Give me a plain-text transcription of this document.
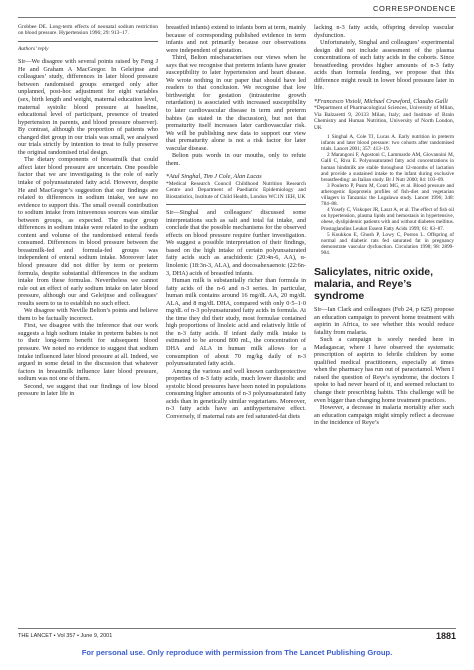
CORRESPONDENCE

Grobbee DE. Long-term effects of neonatal sodium restriction on blood pressure. Hypertension 1996; 29: 913–17.

Authors’ reply

Sir—We disagree with several points raised by Feng J He and Graham A MacGregor. In Geleijnse and colleagues’ study, differences in later blood pressure between randomised groups emerged only after unplanned, post-hoc adjustment for eight variables (sex, birth length and weight, maternal education level, maternal systolic blood pressure at baseline, educational level of participant, presence of treated hypertension in parents, and blood pressure observer). By contrast, although the proportion of patients who changed diet group in our trials was small, we analysed our trials strictly by intention to treat to fully preserve the original randomised trial design.

The dietary components of breastmilk that could affect later blood pressure are uncertain. One possible factor that we are investigating is the role of early intake of polyunsaturated fatty acid. However, despite He and MacGregor’s suggestion that our findings are related to differences in sodium intake, we saw no evidence to support this. The small overall contribution to sodium intake from intravenous sources was similar between groups, as expected. The major group differences in sodium intake were related to the sodium content and volume of the randomised enteral feeds consumed. Differences in blood pressure between the breastmilk-fed and formula-fed groups was independent of enteral sodium intake. Moreover later blood pressure did not differ by term or preterm formula, despite substantial differences in the sodium intake from these formulas. Nevertheless we cannot rule out an effect of early sodium intake on later blood pressure, although our and Geleijnse and colleagues’ results seem to us to establish no such effect.

We disagree with Neville Belton’s points and believe them to be factually incorrect.

First, we disagree with the inference that our work suggests a high sodium intake in preterm babies is not to their long-term benefit for subsequent blood pressure. We noted no evidence to suggest that sodium intake influenced later blood pressure at all. Indeed, we argued in some detail in the discussion that whatever factors in breastmilk influence later blood pressure, sodium was not one of them.

Second, we suggest that our findings of low blood pressure in later life in

breastfed infants) extend to infants born at term, mainly because of corresponding published evidence in term infants and not primarily because our observations were independent of gestation.

Third, Belton mischaracterises our views when he says that we recognise that preterm infants have greater susceptibility to later hypertension and heart disease. We wrote nothing in our paper that should have led readers to that conclusion. We recognise that low birthweight for gestation (intrauterine growth retardation) is associated with increased susceptibility to later cardiovascular disease in term and preterm babies (as stated in the discussion), but not that prematurity itself increases later cardiovascular risk. We will be publishing new data to support our view that prematurity alone is not a risk factor for later vascular disease.

Belton puts words in our mouths, only to refute them.

*Atul Singhal, Tim J Cole, Alan Lucas

*Medical Research Council Childhood Nutrition Research Centre and Department of Paediatric Epidemiology and Biostatistics, Institute of Child Health, London WC1N 1EH, UK

Sir—Singhal and colleagues’ discussed some interpretations such as salt and total fat intake, and conclude that the possible mechanisms for the observed effects on blood pressure require further investigation. We suggest a possible interpretation of their findings, based on the high intake of certain polyunsaturated fatty acids such as arachidonic (20:4n-6, AA), α-linolenic (18:3n-3, ALA), and docosahexaenoic (22:6n-3, DHA) acids of breastfed infants.

Human milk is substantially richer than formula in fatty acids of the n-6 and n-3 series. In particular, human milk contains around 16 mg/dL AA, 20 mg/dL ALA, and 8 mg/dL DHA, compared with only 0·5–1·0 mg/dL of n-3 polyunsaturated fatty acids in formula. At the time they did their study, most formulae contained high proportions of linoleic acid and relatively little of the n-3 fatty acids. If infant daily milk intake is estimated to be around 800 mL, the concentration of DHA and ALA in human milk allows for a consumption of about 70 mg/kg daily of n-3 polyunsaturated fatty acids.

Among the various and well known cardioprotective properties of n-3 fatty acids, much lower diastolic and systolic blood pressures have been noted in populations consuming higher amounts of n-3 polyunsaturated fatty acids than in genetically similar vegetarians. Moreover, n-3 fatty acids have an antihypertensive effect. Conversely, if maternal rats are fed saturated-fat diets

lacking n-3 fatty acids, offspring develop vascular dysfunction.

Unfortunately, Singhal and colleagues’ experimental design did not include assessment of the plasma concentrations of such fatty acids in the cohorts. Since breastfeeding provides higher amounts of n-3 fatty acids than formula feeding, we propose that this difference might result in lower blood pressure later in life.

*Francesco Visioli, Michael Crawford, Claudio Galli

*Department of Pharmacological Sciences, University of Milan, Via Balzaretti 9, 20133 Milan, Italy; and Institute of Brain Chemistry and Human Nutrition, University of North London, UK

1 Singhal A, Cole TJ, Lucas A. Early nutrition in preterm infants and later blood pressure: two cohorts after randomised trials. Lancet 2001; 357: 413–19.

2 Marangoni F, Agostoni C, Lammardo AM, Giovannini M, Galli C, Riva E. Polyunsaturated fatty acid concentrations in human hindmilk are stable throughout 12-months of lactation and provide a sustained intake to the infant during exclusive breastfeeding: an Italian study. Br J Nutr 2000; 84: 103–09.

3 Poulerto P, Pusm M, Conti MG, et al. Blood pressure and atherogenic lipoprotein profiles of fish-diet and vegetarian villagers in Tanzania: the Lugalawa study. Lancet 1996; 348: 784–88.

4 Yosefy C, Viskoper JR, Laszt A, et al. The effect of fish oil on hypertension, plasma lipids and hemostasis in hypertensive, obese, dyslipidemic patients with and without diabetes mellitus. Prostaglandins Leukot Essent Fatty Acids 1999; 61: 83–87.

5 Koukkou E, Ghosh P, Lowy C, Poston L. Offspring of normal and diabetic rats fed saturated fat in pregnancy demonstrate vascular dysfunction. Circulation 1998; 98: 2899-904.

Salicylates, nitric oxide, malaria, and Reye’s syndrome

Sir—Ian Clark and colleagues (Feb 24, p 625) propose an education campaign to prevent home treatment with aspirin in Africa, to see whether this would reduce fatality from malaria.

Such a campaign is sorely needed here in Madagascar, where I have observed the systematic prescription of aspirin to febrile children by some qualified medical practitioners, especially at times when the pharmacy has run out of paracetamol. When I raised the question of Reye’s syndrome, the doctors I spoke to had never heard of it, and seemed reluctant to change their prescribing habits. This challenge will be even bigger than changing home treatment practices.

However, a decrease in malaria mortality after such an education campaign might simply reflect a decrease in the incidence of Reye’s

THE LANCET • Vol 357 • June 9, 2001	1881
For personal use. Only reproduce with permission from The Lancet Publishing Group.
